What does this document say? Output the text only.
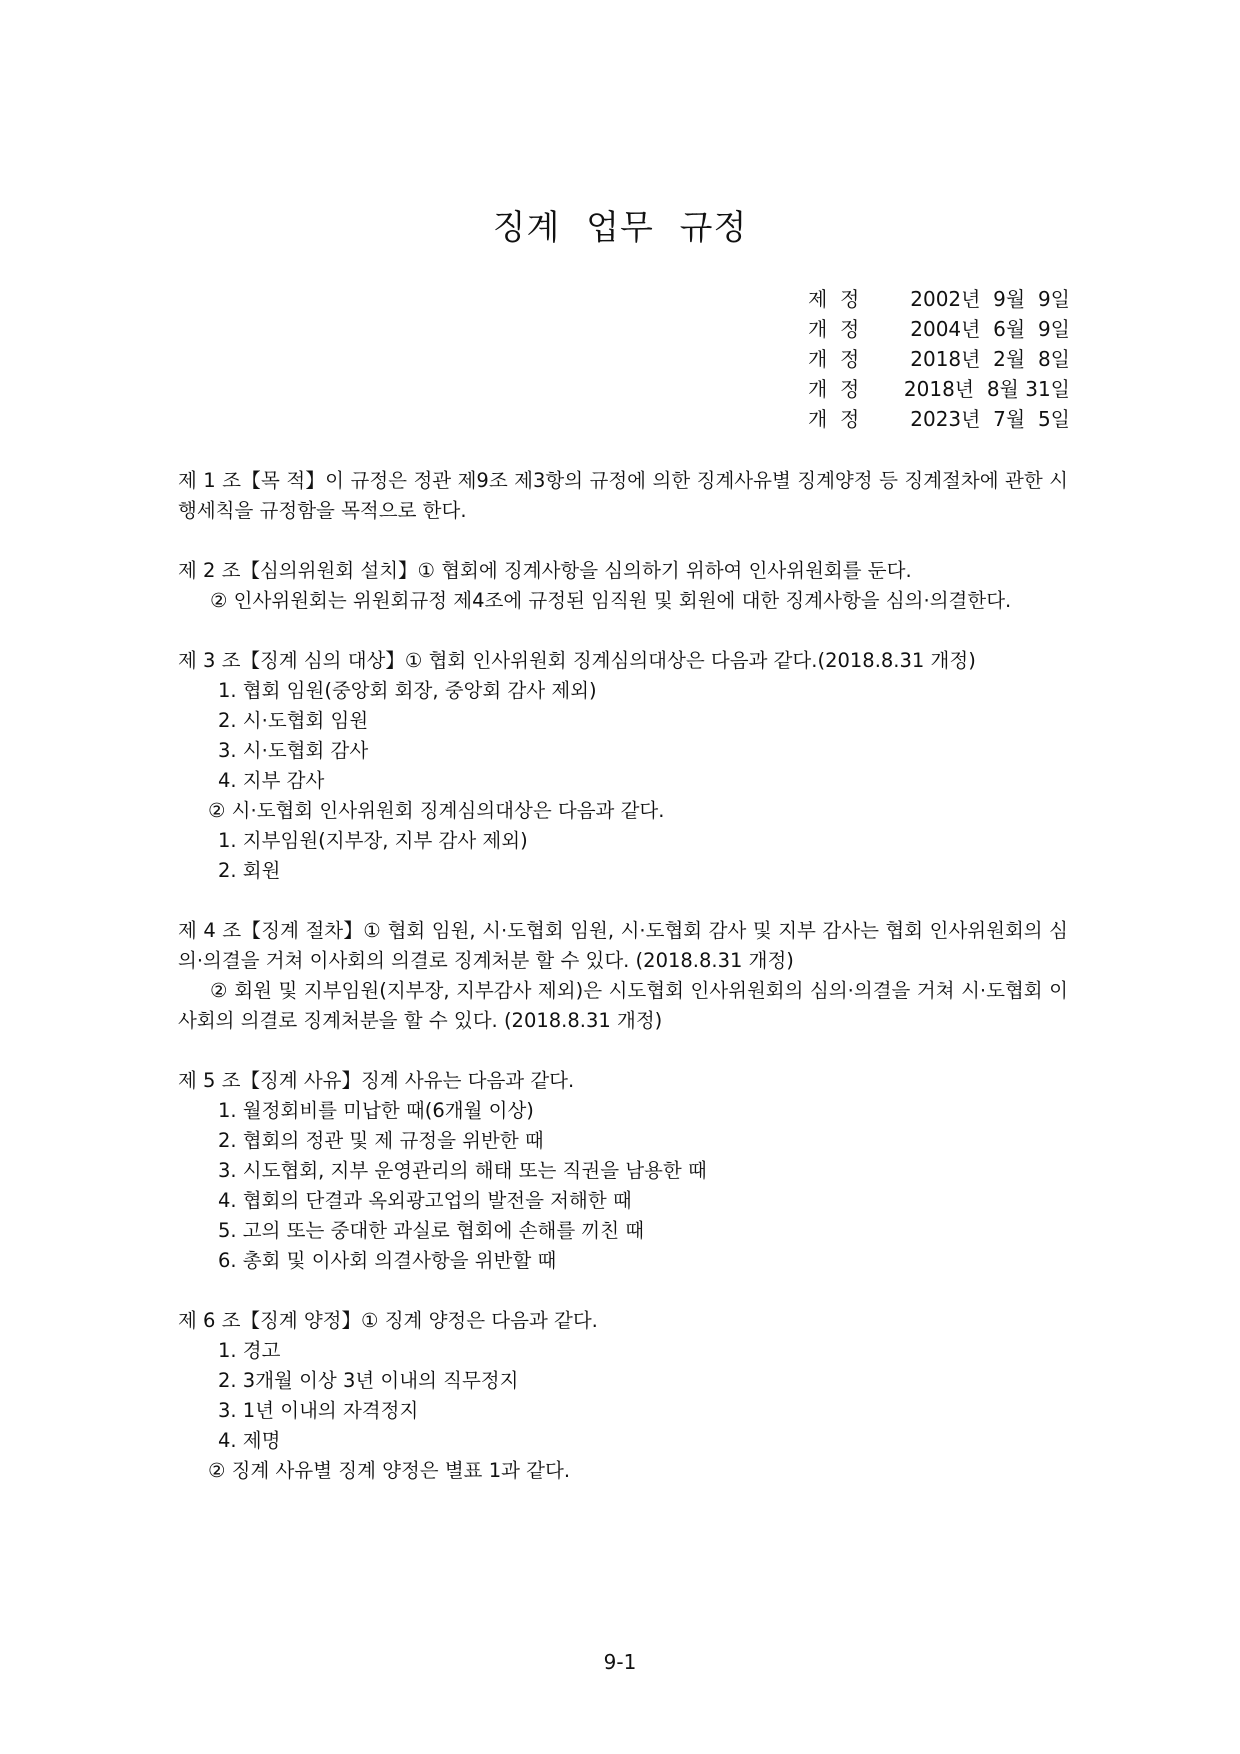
징계 업무 규정
제  정	2002년  9월  9일
개  정	2004년  6월  9일
개  정	2018년  2월  8일
개  정	2018년  8월 31일
개  정	2023년  7월  5일

제 1 조【목 적】이 규정은 정관 제9조 제3항의 규정에 의한 징계사유별 징계양정 등 징계절차에 관한 시행세칙을 규정함을 목적으로 한다.

제 2 조【심의위원회 설치】① 협회에 징계사항을 심의하기 위하여 인사위원회를 둔다.

② 인사위원회는 위원회규정 제4조에 규정된 임직원 및 회원에 대한 징계사항을 심의·의결한다.

제 3 조【징계 심의 대상】① 협회 인사위원회 징계심의대상은 다음과 같다.(2018.8.31 개정)

1. 협회 임원(중앙회 회장, 중앙회 감사 제외)
2. 시·도협회 임원
3. 시·도협회 감사
4. 지부 감사

② 시·도협회 인사위원회 징계심의대상은 다음과 같다.

1. 지부임원(지부장, 지부 감사 제외)
2. 회원

제 4 조【징계 절차】① 협회 임원, 시·도협회 임원, 시·도협회 감사 및 지부 감사는 협회 인사위원회의 심의·의결을 거쳐 이사회의 의결로 징계처분 할 수 있다. (2018.8.31 개정)

② 회원 및 지부임원(지부장, 지부감사 제외)은 시도협회 인사위원회의 심의·의결을 거쳐 시·도협회 이사회의 의결로 징계처분을 할 수 있다. (2018.8.31 개정)

제 5 조【징계 사유】징계 사유는 다음과 같다.

1. 월정회비를 미납한 때(6개월 이상)
2. 협회의 정관 및 제 규정을 위반한 때
3. 시도협회, 지부 운영관리의 해태 또는 직권을 남용한 때
4. 협회의 단결과 옥외광고업의 발전을 저해한 때
5. 고의 또는 중대한 과실로 협회에 손해를 끼친 때
6. 총회 및 이사회 의결사항을 위반할 때

제 6 조【징계 양정】① 징계 양정은 다음과 같다.

1. 경고
2. 3개월 이상 3년 이내의 직무정지
3. 1년 이내의 자격정지
4. 제명

② 징계 사유별 징계 양정은 별표 1과 같다.

9-1
